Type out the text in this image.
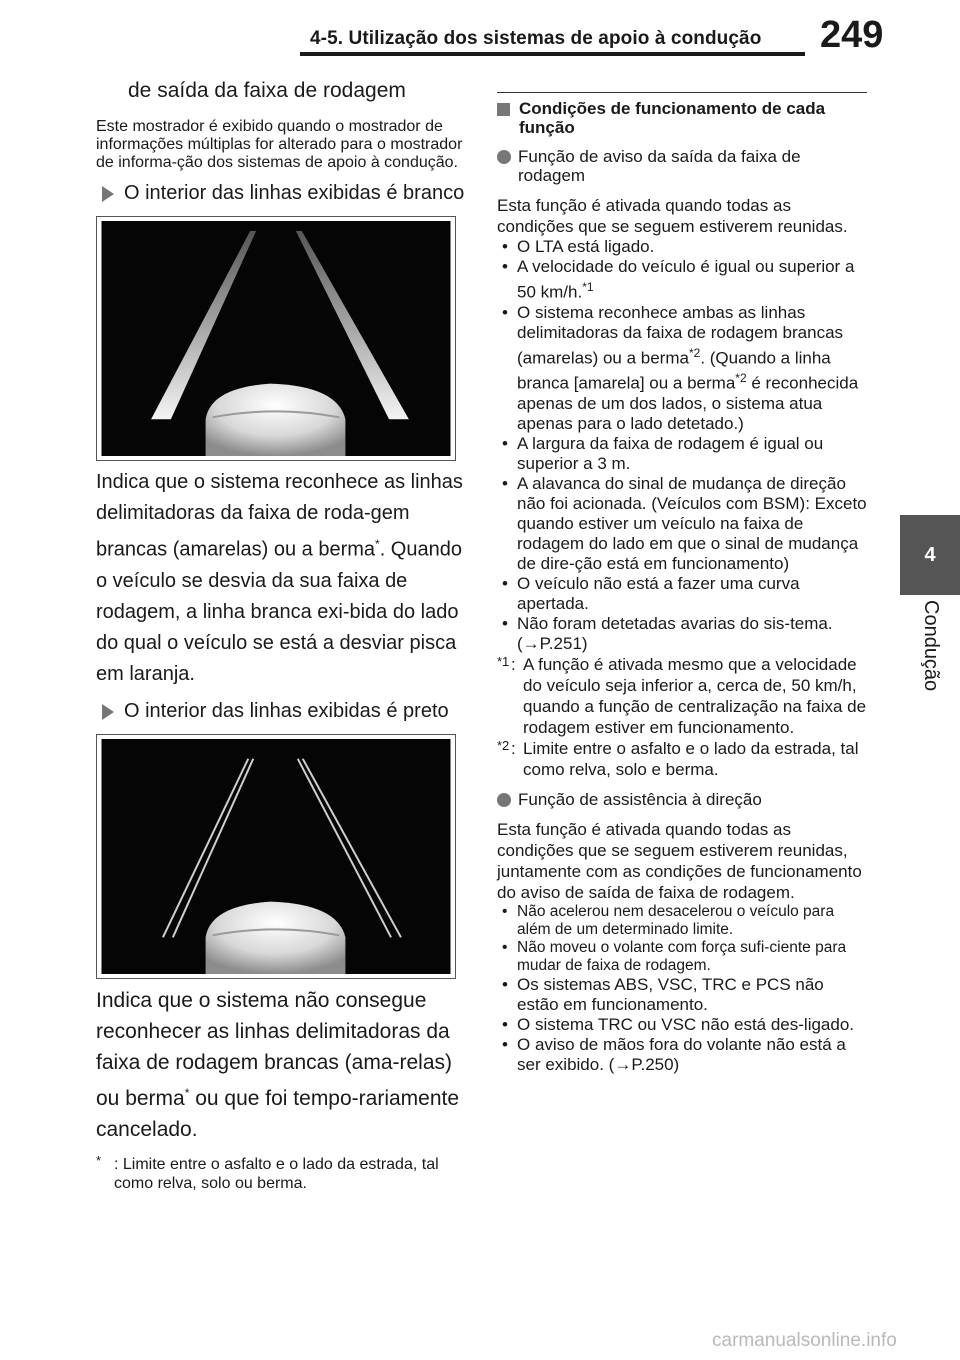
4-5. Utilização dos sistemas de apoio à condução 249
4
Condução
de saída da faixa de rodagem

Este mostrador é exibido quando o mostrador de informações múltiplas for alterado para o mostrador de informa-ção dos sistemas de apoio à condução.

O interior das linhas exibidas é branco
Indica que o sistema reconhece as linhas delimitadoras da faixa de roda-gem brancas (amarelas) ou a berma*. Quando o veículo se desvia da sua faixa de rodagem, a linha branca exi-bida do lado do qual o veículo se está a desviar pisca em laranja.
O interior das linhas exibidas é preto
Indica que o sistema não consegue reconhecer as linhas delimitadoras da faixa de rodagem brancas (ama-relas) ou berma* ou que foi tempo-rariamente cancelado.
* : Limite entre o asfalto e o lado da estrada, tal como relva, solo ou berma.
Condições de funcionamento de cada função
Função de aviso da saída da faixa de rodagem

Esta função é ativada quando todas as condições que se seguem estiverem reunidas.

• O LTA está ligado.
• A velocidade do veículo é igual ou superior a 50 km/h.$^{*1}$
• O sistema reconhece ambas as linhas delimitadoras da faixa de rodagem brancas (amarelas) ou a berma$^{*2}$. (Quando a linha branca [amarela] ou a berma$^{*2}$ é reconhecida apenas de um dos lados, o sistema atua apenas para o lado detetado.)
• A largura da faixa de rodagem é igual ou superior a 3 m.
• A alavanca do sinal de mudança de direção não foi acionada. (Veículos com BSM): Exceto quando estiver um veículo na faixa de rodagem do lado em que o sinal de mudança de dire-ção está em funcionamento)
• O veículo não está a fazer uma curva apertada.
• Não foram detetadas avarias do sis-tema. (→P.251)
*1 : A função é ativada mesmo que a velocidade do veículo seja inferior a, cerca de, 50 km/h, quando a função de centralização na faixa de rodagem estiver em funcionamento.
*2 : Limite entre o asfalto e o lado da estrada, tal como relva, solo e berma.
Função de assistência à direção

Esta função é ativada quando todas as condições que se seguem estiverem reunidas, juntamente com as condições de funcionamento do aviso de saída de faixa de rodagem.

• Não acelerou nem desacelerou o veículo para além de um determinado limite.
• Não moveu o volante com força sufi-ciente para mudar de faixa de rodagem.
• Os sistemas ABS, VSC, TRC e PCS não estão em funcionamento.
• O sistema TRC ou VSC não está des-ligado.
• O aviso de mãos fora do volante não está a ser exibido. (→P.250)
carmanualsonline.info
